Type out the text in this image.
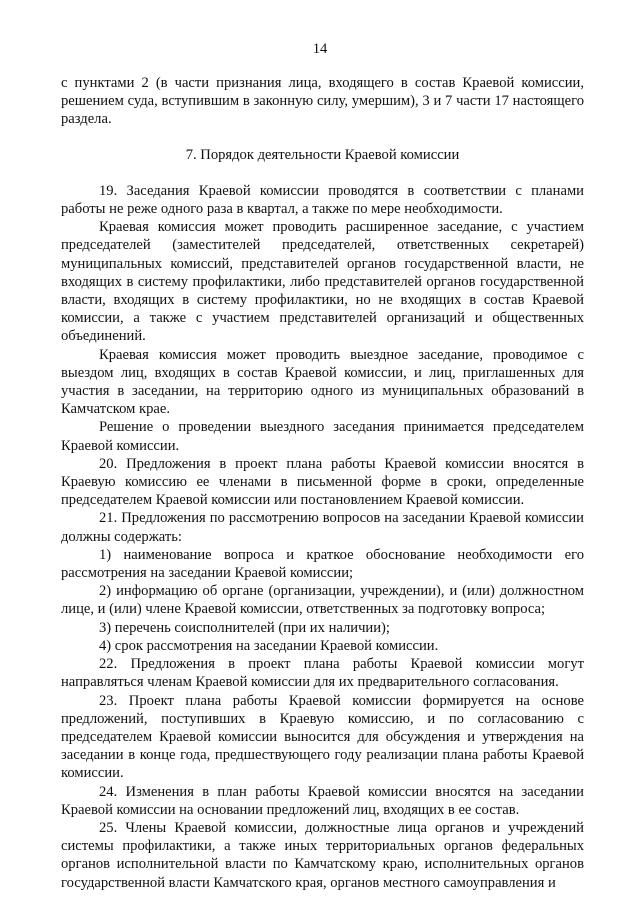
14

с пунктами 2 (в части признания лица, входящего в состав Краевой комиссии, решением суда, вступившим в законную силу, умершим), 3 и 7 части 17 настоящего раздела.

7. Порядок деятельности Краевой комиссии

19. Заседания Краевой комиссии проводятся в соответствии с планами работы не реже одного раза в квартал, а также по мере необходимости.

Краевая комиссия может проводить расширенное заседание, с участием председателей (заместителей председателей, ответственных секретарей) муниципальных комиссий, представителей органов государственной власти, не входящих в систему профилактики, либо представителей органов государственной власти, входящих в систему профилактики, но не входящих в состав Краевой комиссии, а также с участием представителей организаций и общественных объединений.

Краевая комиссия может проводить выездное заседание, проводимое с выездом лиц, входящих в состав Краевой комиссии, и лиц, приглашенных для участия в заседании, на территорию одного из муниципальных образований в Камчатском крае.

Решение о проведении выездного заседания принимается председателем Краевой комиссии.

20. Предложения в проект плана работы Краевой комиссии вносятся в Краевую комиссию ее членами в письменной форме в сроки, определенные председателем Краевой комиссии или постановлением Краевой комиссии.

21. Предложения по рассмотрению вопросов на заседании Краевой комиссии должны содержать:

1) наименование вопроса и краткое обоснование необходимости его рассмотрения на заседании Краевой комиссии;

2) информацию об органе (организации, учреждении), и (или) должностном лице, и (или) члене Краевой комиссии, ответственных за подготовку вопроса;

3) перечень соисполнителей (при их наличии);

4) срок рассмотрения на заседании Краевой комиссии.

22. Предложения в проект плана работы Краевой комиссии могут направляться членам Краевой комиссии для их предварительного согласования.

23. Проект плана работы Краевой комиссии формируется на основе предложений, поступивших в Краевую комиссию, и по согласованию с председателем Краевой комиссии выносится для обсуждения и утверждения на заседании в конце года, предшествующего году реализации плана работы Краевой комиссии.

24. Изменения в план работы Краевой комиссии вносятся на заседании Краевой комиссии на основании предложений лиц, входящих в ее состав.

25. Члены Краевой комиссии, должностные лица органов и учреждений системы профилактики, а также иных территориальных органов федеральных органов исполнительной власти по Камчатскому краю, исполнительных органов государственной власти Камчатского края, органов местного самоуправления и
